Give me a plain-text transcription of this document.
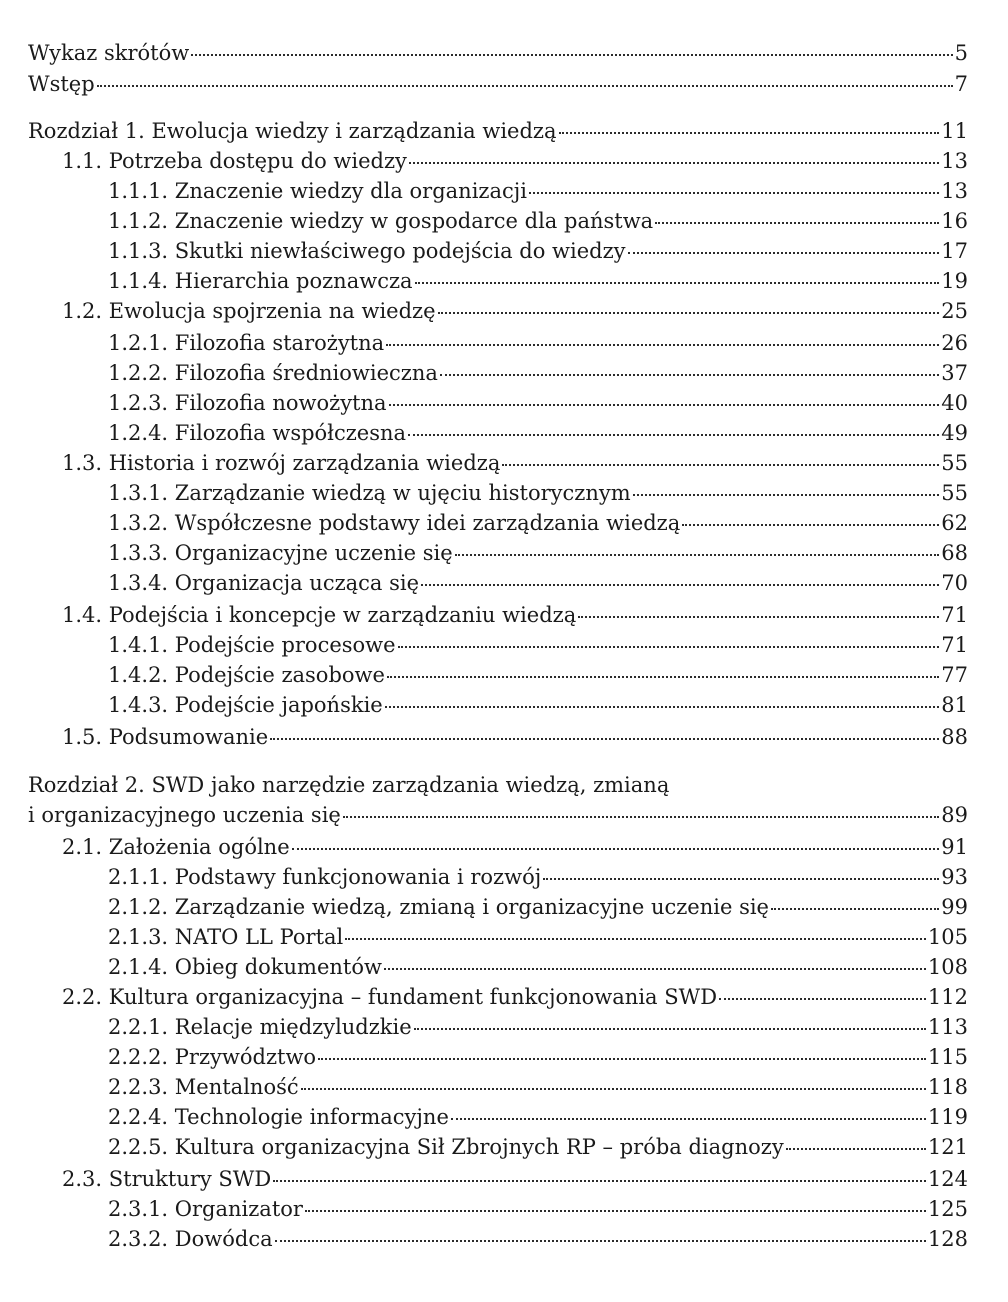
Wykaz skrótów	5
Wstęp	7
Rozdział 1. Ewolucja wiedzy i zarządzania wiedzą	11
1.1. Potrzeba dostępu do wiedzy	13
1.1.1. Znaczenie wiedzy dla organizacji	13
1.1.2. Znaczenie wiedzy w gospodarce dla państwa	16
1.1.3. Skutki niewłaściwego podejścia do wiedzy	17
1.1.4. Hierarchia poznawcza	19
1.2. Ewolucja spojrzenia na wiedzę	25
1.2.1. Filozofia starożytna	26
1.2.2. Filozofia średniowieczna	37
1.2.3. Filozofia nowożytna	40
1.2.4. Filozofia współczesna	49
1.3. Historia i rozwój zarządzania wiedzą	55
1.3.1. Zarządzanie wiedzą w ujęciu historycznym	55
1.3.2. Współczesne podstawy idei zarządzania wiedzą	62
1.3.3. Organizacyjne uczenie się	68
1.3.4. Organizacja ucząca się	70
1.4. Podejścia i koncepcje w zarządzaniu wiedzą	71
1.4.1. Podejście procesowe	71
1.4.2. Podejście zasobowe	77
1.4.3. Podejście japońskie	81
1.5. Podsumowanie	88
Rozdział 2. SWD jako narzędzie zarządzania wiedzą, zmianą
i organizacyjnego uczenia się	89
2.1. Założenia ogólne	91
2.1.1. Podstawy funkcjonowania i rozwój	93
2.1.2. Zarządzanie wiedzą, zmianą i organizacyjne uczenie się	99
2.1.3. NATO LL Portal	105
2.1.4. Obieg dokumentów	108
2.2. Kultura organizacyjna – fundament funkcjonowania SWD	112
2.2.1. Relacje międzyludzkie	113
2.2.2. Przywództwo	115
2.2.3. Mentalność	118
2.2.4. Technologie informacyjne	119
2.2.5. Kultura organizacyjna Sił Zbrojnych RP – próba diagnozy	121
2.3. Struktury SWD	124
2.3.1. Organizator	125
2.3.2. Dowódca	128
